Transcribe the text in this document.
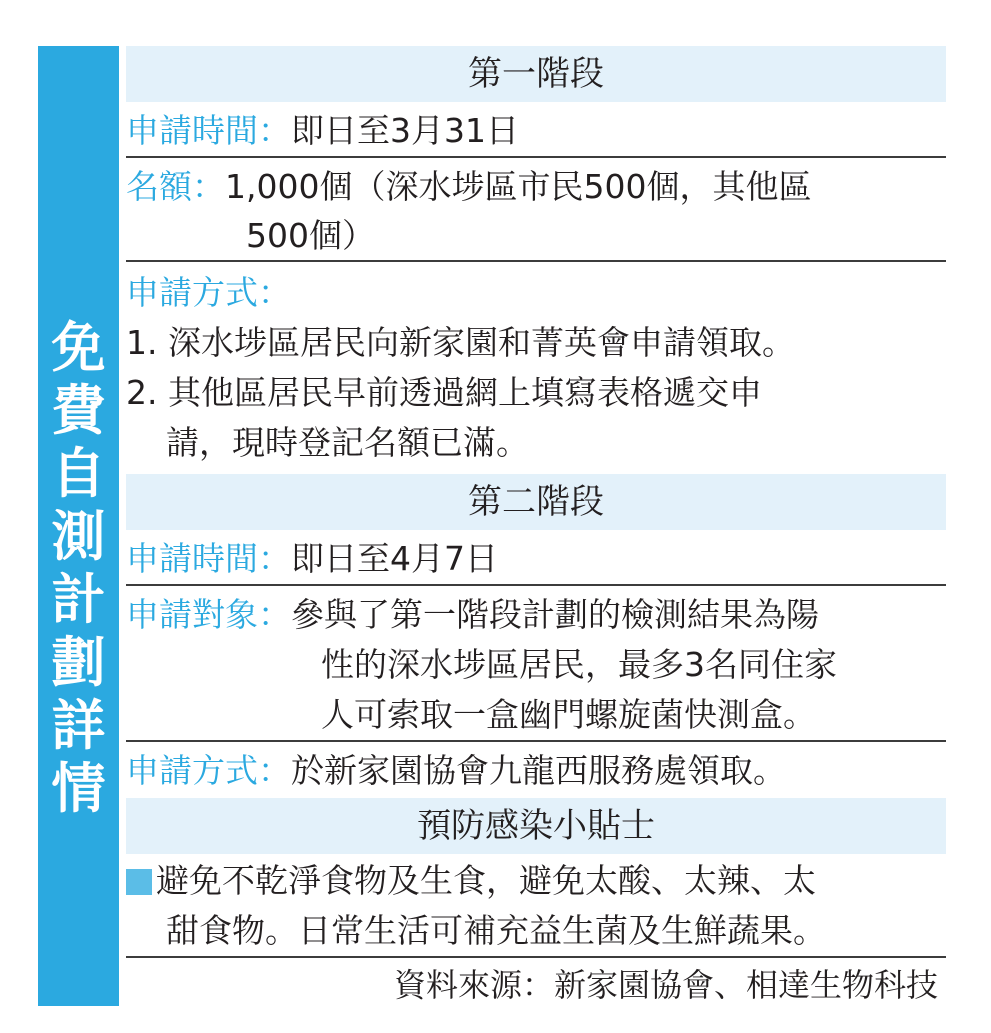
免
費
自
測
計
劃
詳
情
第一階段
申請時間：即日至3月31日
名額：1,000個（深水埗區市民500個，其他區
500個）
申請方式：
1. 深水埗區居民向新家園和菁英會申請領取。
2. 其他區居民早前透過網上填寫表格遞交申
請，現時登記名額已滿。
第二階段
申請時間：即日至4月7日
申請對象：參與了第一階段計劃的檢測結果為陽
性的深水埗區居民，最多3名同住家
人可索取一盒幽門螺旋菌快測盒。
申請方式：於新家園協會九龍西服務處領取。
預防感染小貼士
避免不乾淨食物及生食，避免太酸、太辣、太
甜食物。日常生活可補充益生菌及生鮮蔬果。
資料來源：新家園協會、相達生物科技
